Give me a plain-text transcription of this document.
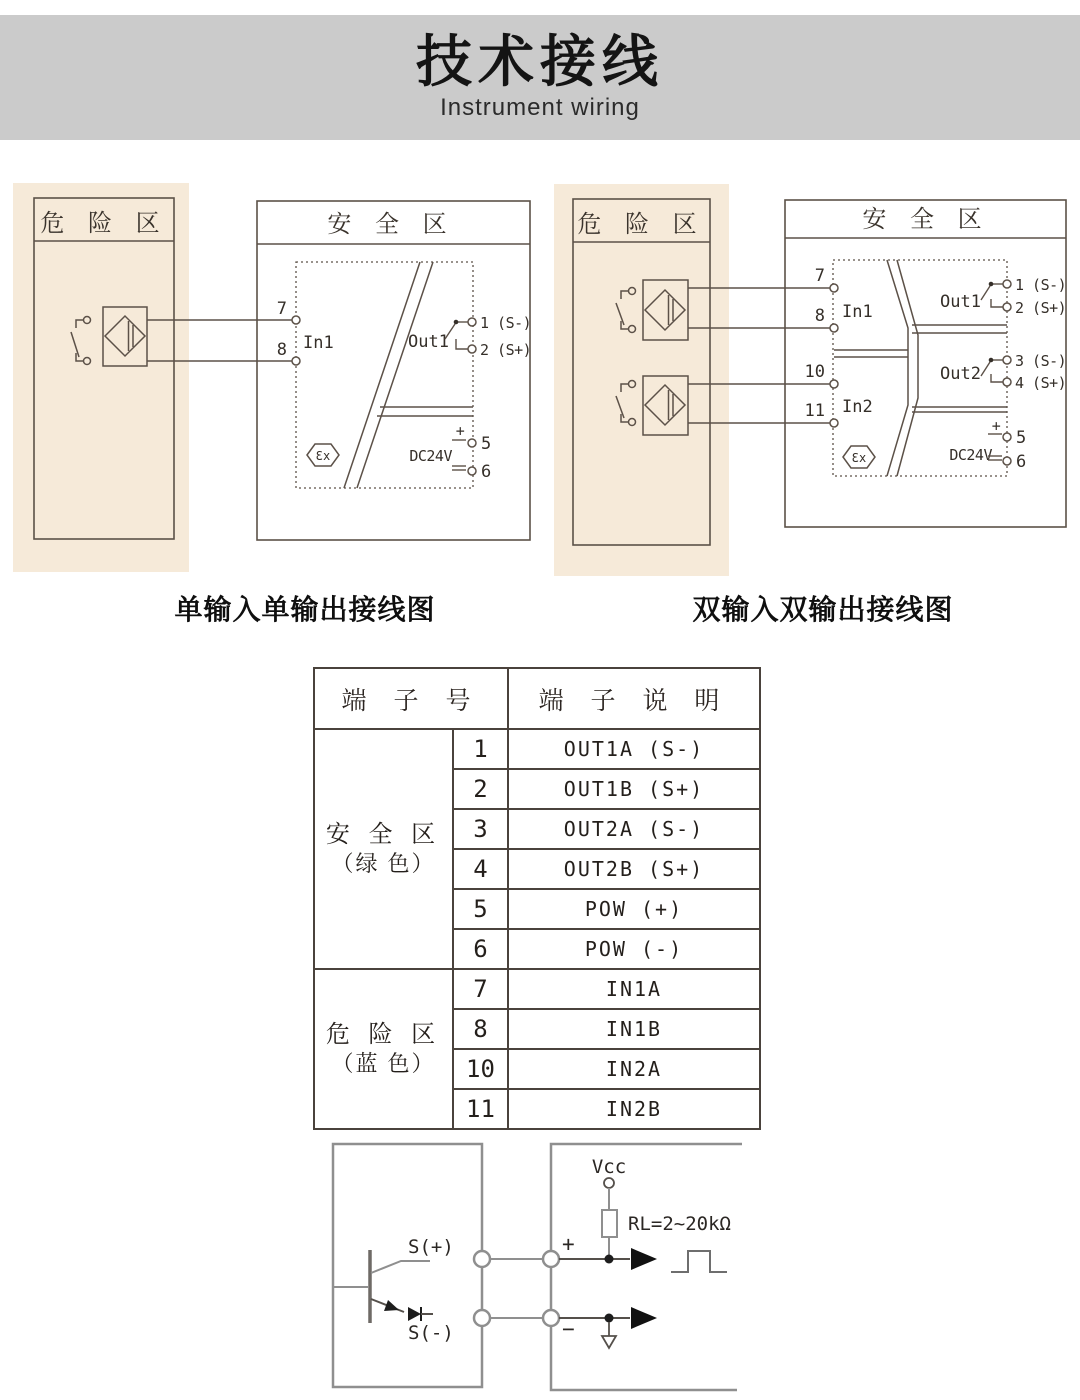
技术接线
Instrument wiring
危 险 区	安 全 区
7
8 In1	Out1
1 (S-)
2 (S+)
DC24V
+
5
6
Ɛx
危 险 区	安 全 区
7
8
10
11
In1
In2
Out1
1 (S-)
2 (S+)
Out2
3 (S-)
4 (S+)
DC24V
+
5
6
Ɛx
单输入单输出接线图	双输入双输出接线图
端 子 号		端 子 说 明

安 全 区
（绿 色）	1	OUT1A (S-)
	2	OUT1B (S+)
	3	OUT2A (S-)
	4	OUT2B (S+)
	5	POW (+)
	6	POW (-)

危 险 区
（蓝 色）	7	IN1A
	8	IN1B
	10	IN2A
	11	IN2B
S(+)
S(-)
+
−
Vcc
RL=2~20kΩ
